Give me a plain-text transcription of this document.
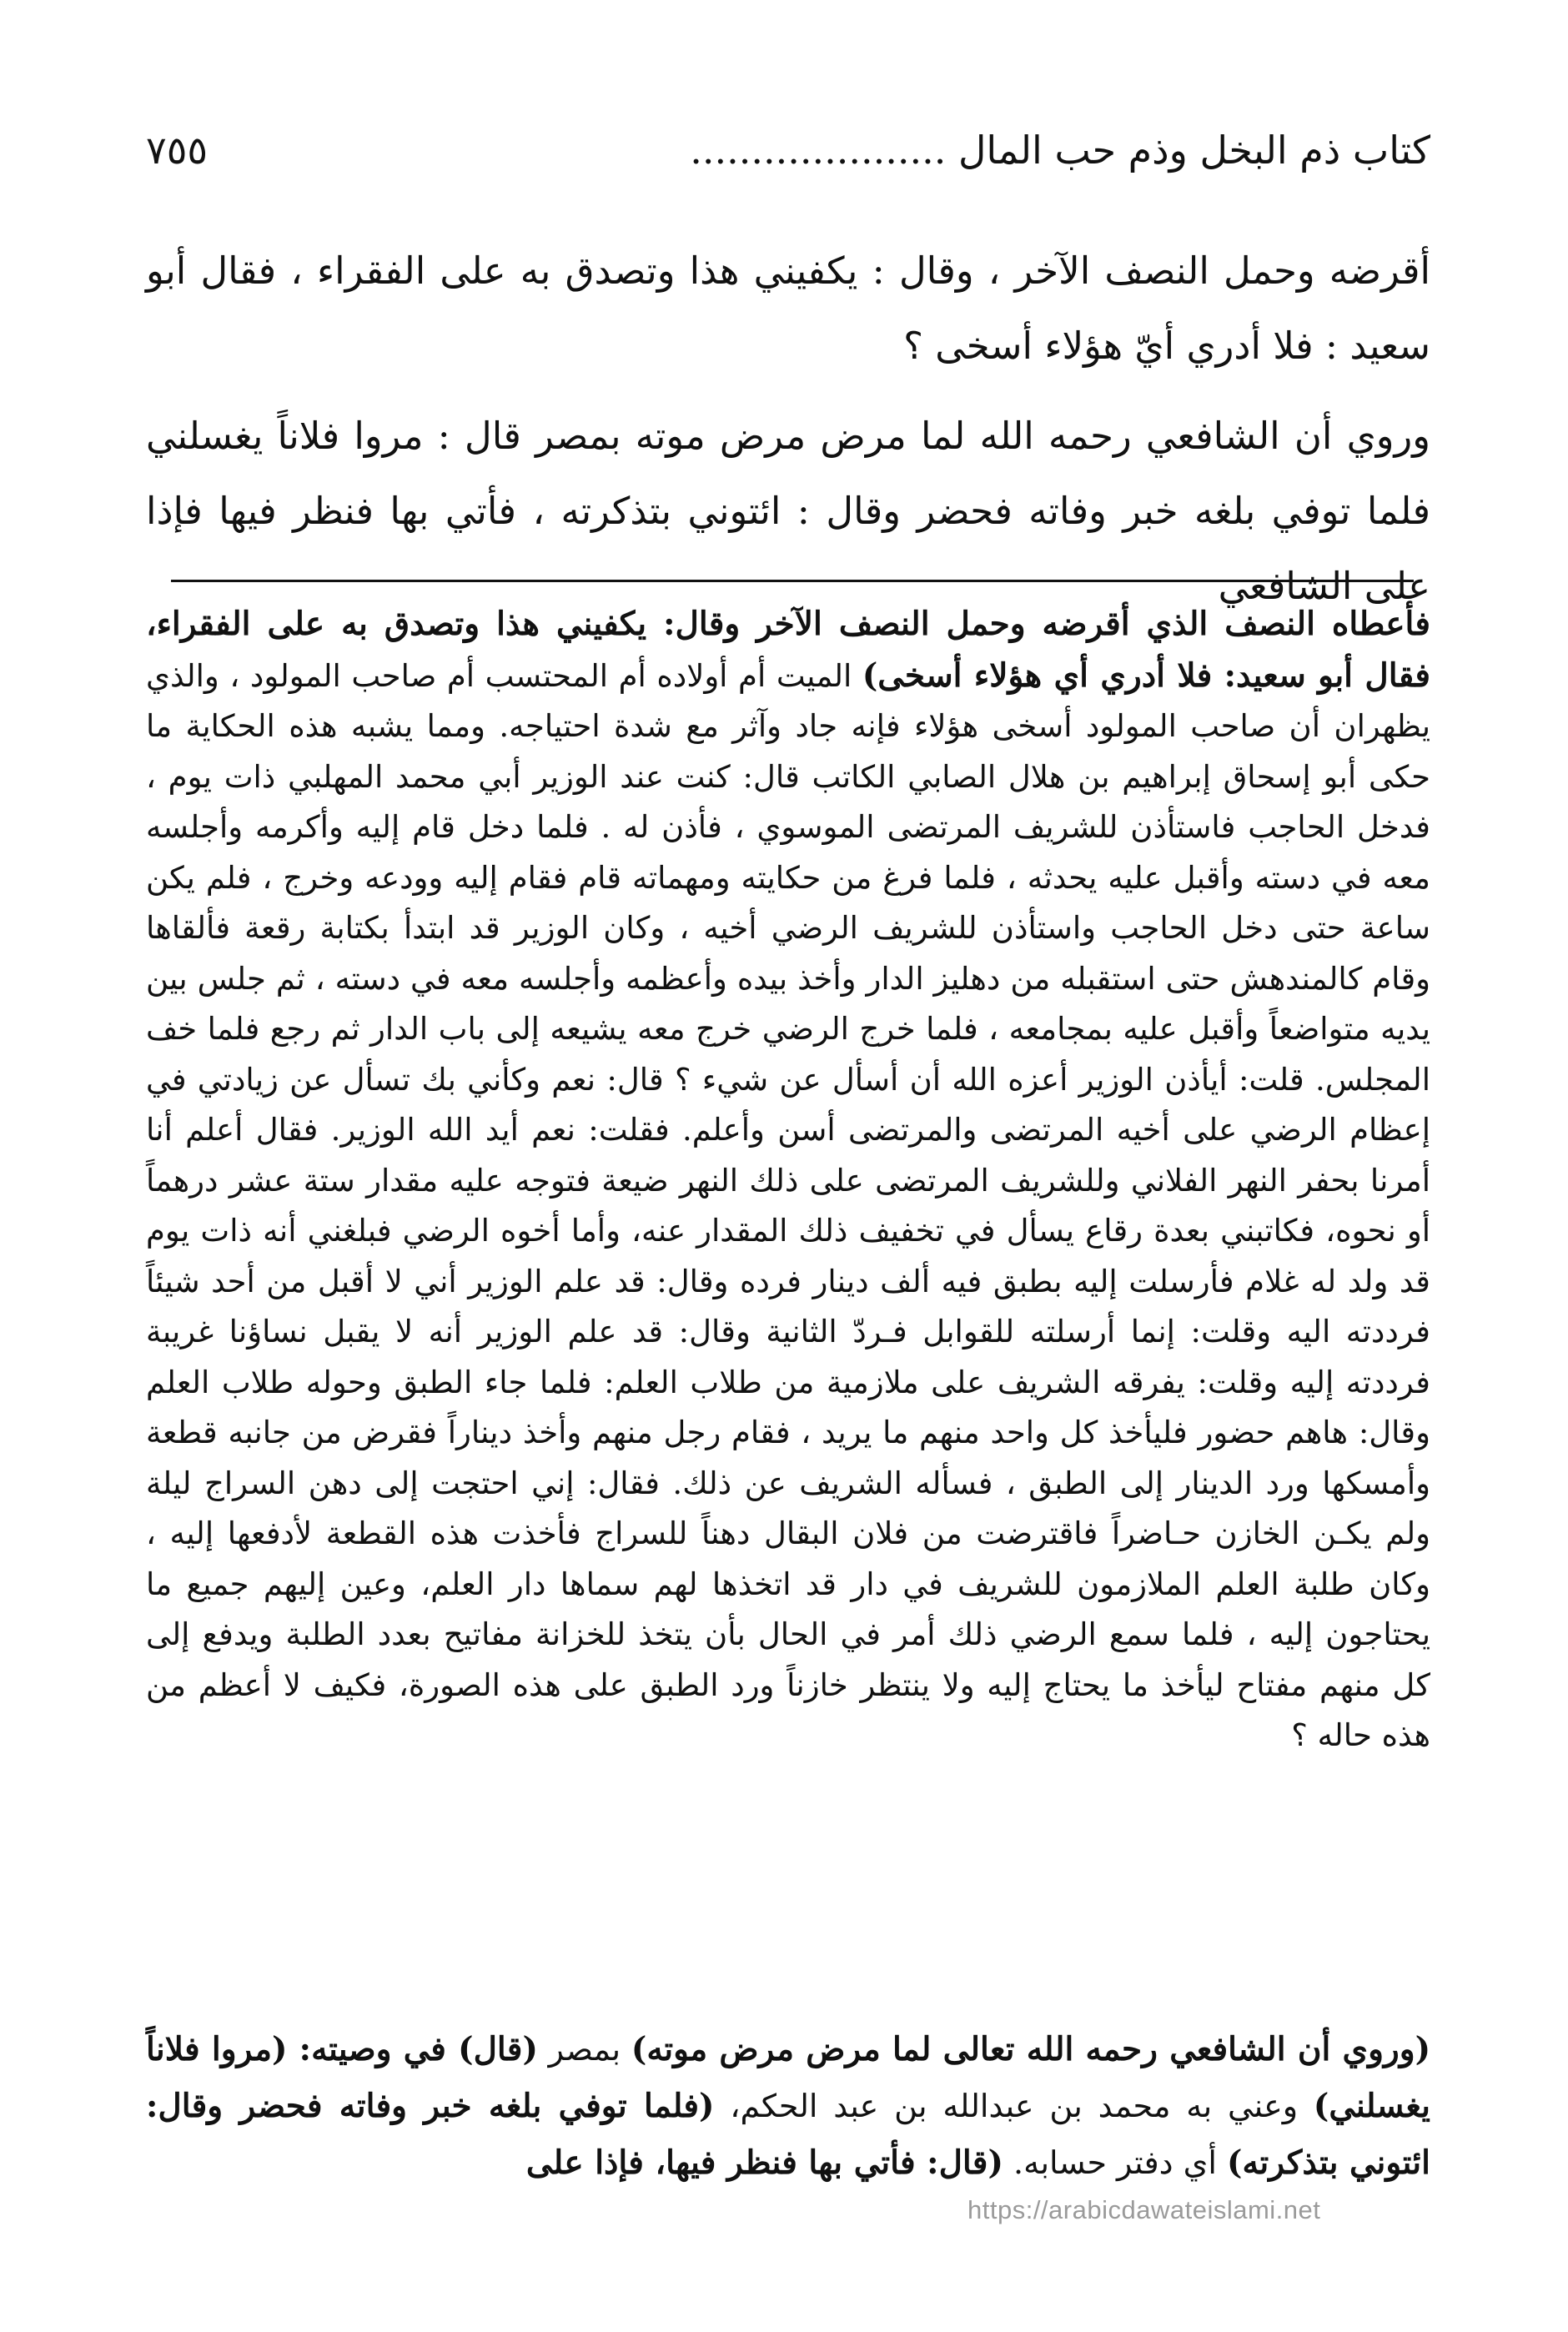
٧٥٥	كتاب ذم البخل وذم حب المال .....................

أقرضه وحمل النصف الآخر ، وقال : يكفيني هذا وتصدق به على الفقراء ، فقال أبو سعيد : فلا أدري أيّ هؤلاء أسخى ؟

وروي أن الشافعي رحمه الله لما مرض مرض موته بمصر قال : مروا فلاناً يغسلني فلما توفي بلغه خبر وفاته فحضر وقال : ائتوني بتذكرته ، فأتي بها فنظر فيها فإذا على الشافعي

فأعطاه النصف الذي أقرضه وحمل النصف الآخر وقال: يكفيني هذا وتصدق به على الفقراء، فقال أبو سعيد: فلا أدري أي هؤلاء أسخى) الميت أم أولاده أم المحتسب أم صاحب المولود ، والذي يظهران أن صاحب المولود أسخى هؤلاء فإنه جاد وآثر مع شدة احتياجه. ومما يشبه هذه الحكاية ما حكى أبو إسحاق إبراهيم بن هلال الصابي الكاتب قال: كنت عند الوزير أبي محمد المهلبي ذات يوم ، فدخل الحاجب فاستأذن للشريف المرتضى الموسوي ، فأذن له . فلما دخل قام إليه وأكرمه وأجلسه معه في دسته وأقبل عليه يحدثه ، فلما فرغ من حكايته ومهماته قام فقام إليه وودعه وخرج ، فلم يكن ساعة حتى دخل الحاجب واستأذن للشريف الرضي أخيه ، وكان الوزير قد ابتدأ بكتابة رقعة فألقاها وقام كالمندهش حتى استقبله من دهليز الدار وأخذ بيده وأعظمه وأجلسه معه في دسته ، ثم جلس بين يديه متواضعاً وأقبل عليه بمجامعه ، فلما خرج الرضي خرج معه يشيعه إلى باب الدار ثم رجع فلما خف المجلس. قلت: أيأذن الوزير أعزه الله أن أسأل عن شيء ؟ قال: نعم وكأني بك تسأل عن زيادتي في إعظام الرضي على أخيه المرتضى والمرتضى أسن وأعلم. فقلت: نعم أيد الله الوزير. فقال أعلم أنا أمرنا بحفر النهر الفلاني وللشريف المرتضى على ذلك النهر ضيعة فتوجه عليه مقدار ستة عشر درهماً أو نحوه، فكاتبني بعدة رقاع يسأل في تخفيف ذلك المقدار عنه، وأما أخوه الرضي فبلغني أنه ذات يوم قد ولد له غلام فأرسلت إليه بطبق فيه ألف دينار فرده وقال: قد علم الوزير أني لا أقبل من أحد شيئاً فرددته اليه وقلت: إنما أرسلته للقوابل فـردّ الثانية وقال: قد علم الوزير أنه لا يقبل نساؤنا غريبة فرددته إليه وقلت: يفرقه الشريف على ملازمية من طلاب العلم: فلما جاء الطبق وحوله طلاب العلم وقال: هاهم حضور فليأخذ كل واحد منهم ما يريد ، فقام رجل منهم وأخذ ديناراً فقرض من جانبه قطعة وأمسكها ورد الدينار إلى الطبق ، فسأله الشريف عن ذلك. فقال: إني احتجت إلى دهن السراج ليلة ولم يكـن الخازن حـاضراً فاقترضت من فلان البقال دهناً للسراج فأخذت هذه القطعة لأدفعها إليه ، وكان طلبة العلم الملازمون للشريف في دار قد اتخذها لهم سماها دار العلم، وعين إليهم جميع ما يحتاجون إليه ، فلما سمع الرضي ذلك أمر في الحال بأن يتخذ للخزانة مفاتيح بعدد الطلبة ويدفع إلى كل منهم مفتاح ليأخذ ما يحتاج إليه ولا ينتظر خازناً ورد الطبق على هذه الصورة، فكيف لا أعظم من هذه حاله ؟

(وروي أن الشافعي رحمه الله تعالى لما مرض مرض موته) بمصر (قال) في وصيته: (مروا فلاناً يغسلني) وعني به محمد بن عبدالله بن عبد الحكم، (فلما توفي بلغه خبر وفاته فحضر وقال: ائتوني بتذكرته) أي دفتر حسابه. (قال: فأتي بها فنظر فيها، فإذا على

https://arabicdawateislami.net
